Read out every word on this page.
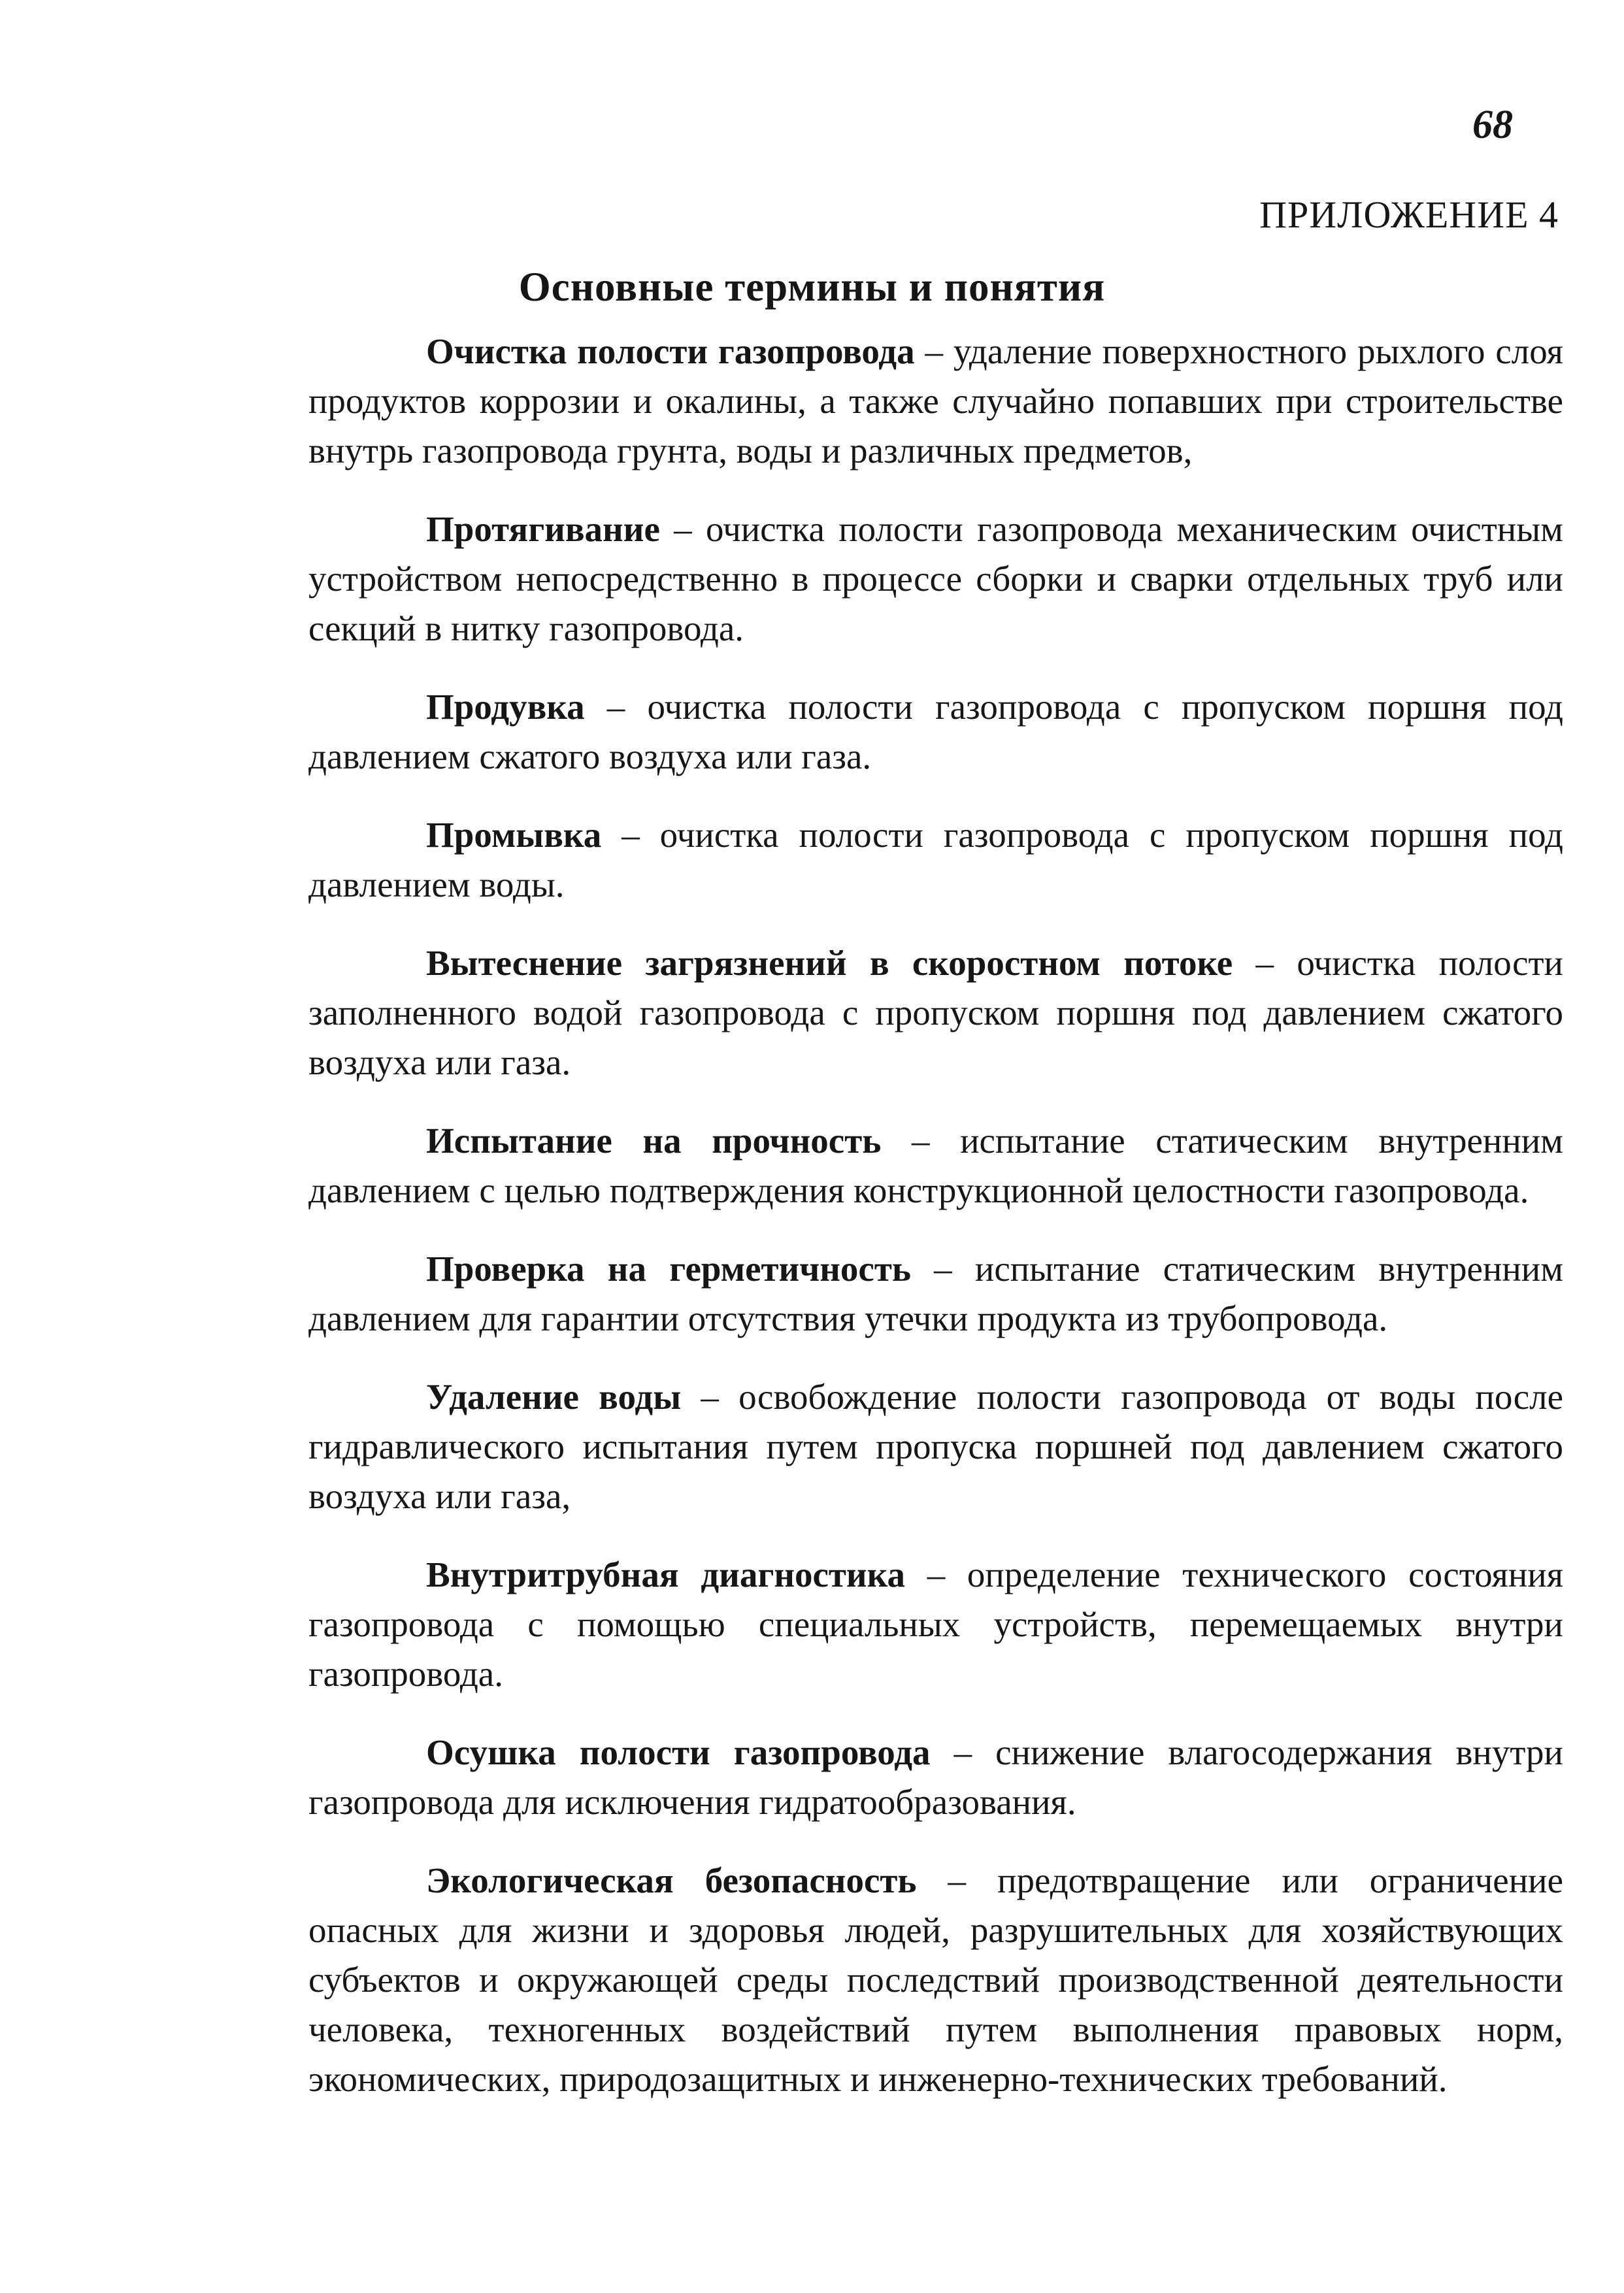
68
ПРИЛОЖЕНИЕ 4
Основные термины и понятия

Очистка полости газопровода – удаление поверхностного рыхлого слоя продуктов коррозии и окалины, а также случайно попавших при строительстве внутрь газопровода грунта, воды и различных предметов,

Протягивание – очистка полости газопровода механическим очистным устройством непосредственно в процессе сборки и сварки отдельных труб или секций в нитку газопровода.

Продувка – очистка полости газопровода с пропуском поршня под давлением сжатого воздуха или газа.

Промывка – очистка полости газопровода с пропуском поршня под давлением воды.

Вытеснение загрязнений в скоростном потоке – очистка полости заполненного водой газопровода с пропуском поршня под давлением сжатого воздуха или газа.

Испытание на прочность – испытание статическим внутренним давлением с целью подтверждения конструкционной целостности газопровода.

Проверка на герметичность – испытание статическим внутренним давлением для гарантии отсутствия утечки продукта из трубопровода.

Удаление воды – освобождение полости газопровода от воды после гидравлического испытания путем пропуска поршней под давлением сжатого воздуха или газа,

Внутритрубная диагностика – определение технического состояния газопровода с помощью специальных устройств, перемещаемых внутри газопровода.

Осушка полости газопровода – снижение влагосодержания внутри газопровода для исключения гидратообразования.

Экологическая безопасность – предотвращение или ограничение опасных для жизни и здоровья людей, разрушительных для хозяйствующих субъектов и окружающей среды последствий производственной деятельности человека, техногенных воздействий путем выполнения правовых норм, экономических, природозащитных и инженерно-технических требований.
